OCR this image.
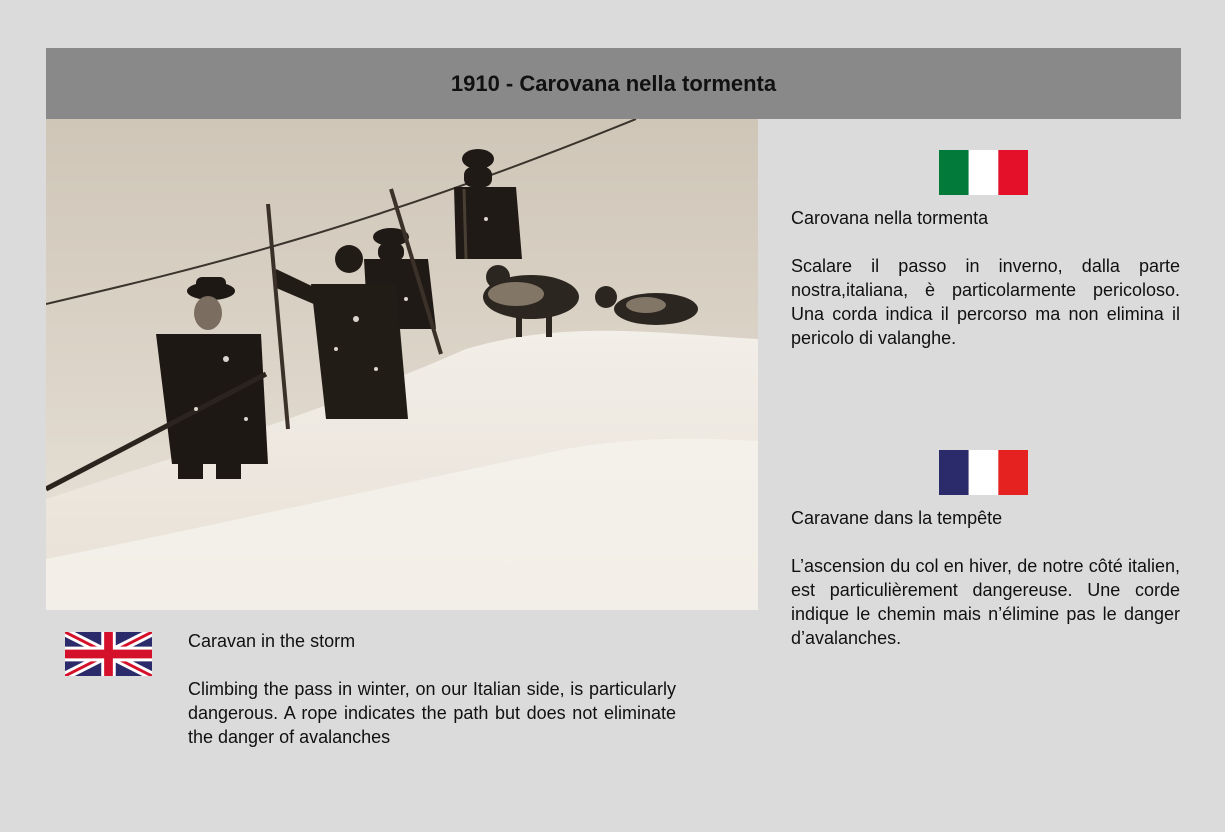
1910 - Carovana nella tormenta

Carovana nella tormenta

Scalare il passo in inverno, dalla parte nostra,italiana, è particolarmente pericoloso. Una corda indica il percorso ma non elimina il pericolo di valanghe.

Caravane dans la tempête

L’ascension du col en hiver, de notre côté italien, est particulièrement dangereuse. Une corde indique le chemin mais n’élimine pas le danger d’avalanches.

Caravan in the storm

Climbing the pass in winter, on our Italian side, is particularly dangerous. A rope indicates the path but does not eliminate the danger of avalanches
